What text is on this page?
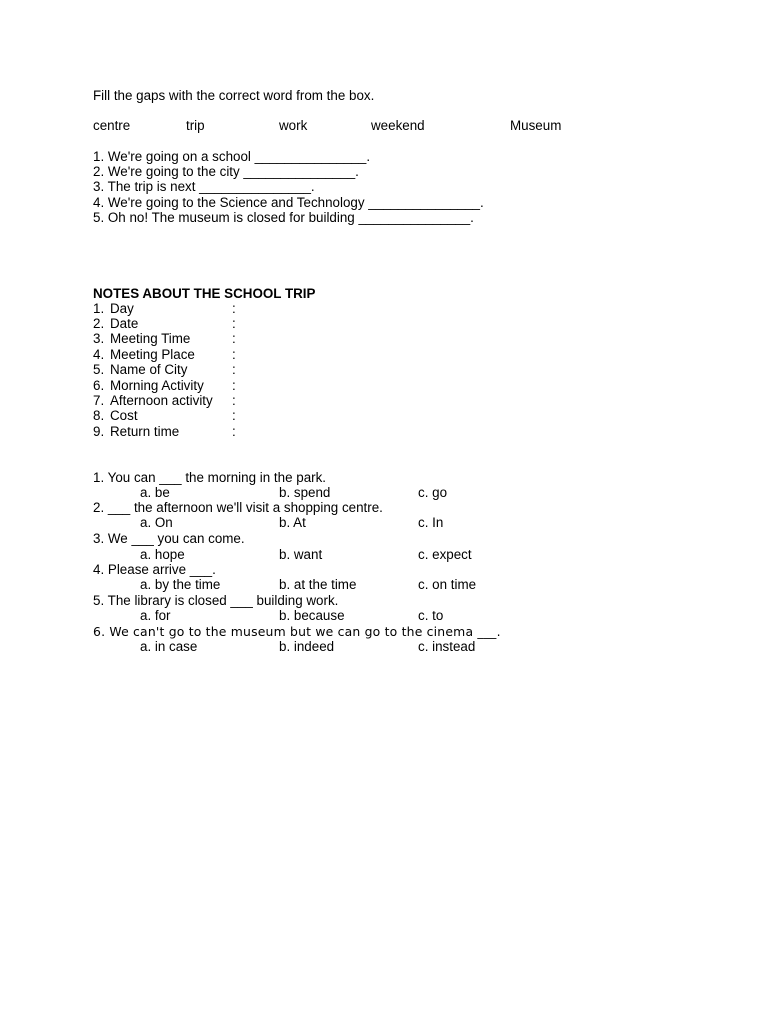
Fill the gaps with the correct word from the box.
centre	trip	work	weekend	Museum
1. We're going on a school _______________.
2. We're going to the city _______________.
3. The trip is next _______________.
4. We're going to the Science and Technology _______________.
5. Oh no! The museum is closed for building _______________.
NOTES ABOUT THE SCHOOL TRIP
1. Day	:
2. Date	:
3. Meeting Time	:
4. Meeting Place	:
5. Name of City	:
6. Morning Activity :
7. Afternoon activity :
8. Cost	:
9. Return time	:
1. You can ___ the morning in the park.
a. be	b. spend	c. go
2. ___ the afternoon we'll visit a shopping centre.
a. On	b. At	c. In
3. We ___ you can come.
a. hope	b. want	c. expect
4. Please arrive ___.
a. by the time	b. at the time	c. on time
5. The library is closed ___ building work.
a. for	b. because	c. to
6. We can't go to the museum but we can go to the cinema ___.
a. in case	b. indeed	c. instead
